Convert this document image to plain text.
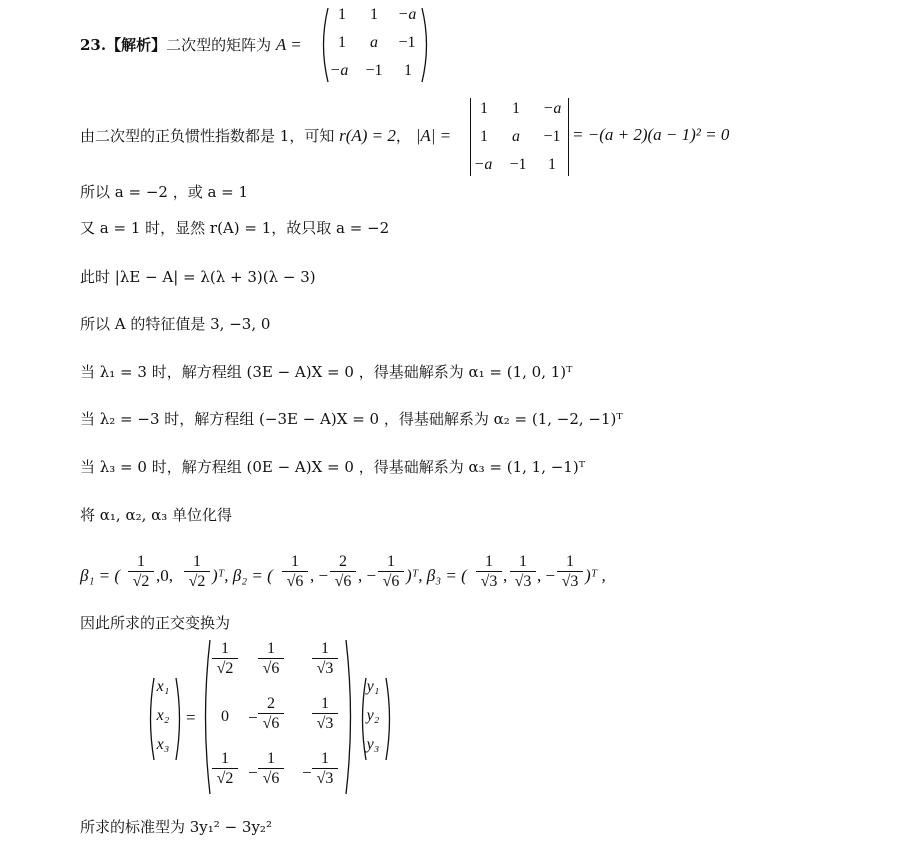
23.【解析】二次型的矩阵为 A =
1	1	−a
1	a	−1
−a −1	1
由二次型的正负惯性指数都是 1，可知 r(A) = 2， |A| =
1	1	−a
1	a	−1
−a −1	1
= −(a + 2)(a − 1)² = 0
所以 a = −2 ，或 a = 1
又 a = 1 时，显然 r(A) = 1，故只取 a = −2
此时 |λE − A| = λ(λ + 3)(λ − 3)
所以 A 的特征值是 3, −3, 0
当 λ₁ = 3 时，解方程组 (3E − A)X = 0 ，得基础解系为 α₁ = (1, 0, 1)ᵀ
当 λ₂ = −3 时，解方程组 (−3E − A)X = 0 ，得基础解系为 α₂ = (1, −2, −1)ᵀ
当 λ₃ = 0 时，解方程组 (0E − A)X = 0 ，得基础解系为 α₃ = (1, 1, −1)ᵀ
将 α₁, α₂, α₃ 单位化得
β₁ = ( $\frac{1}{√2} ,0$, $\frac{1}{√2}$ )ᵀ, β₂ = ( $\frac{1}{√6}$ , − $\frac{2}{√6}$ , − $\frac{1}{√6}$ )ᵀ, β₃ = ( $\frac{1}{√3}$ , $\frac{1}{√3}$ , − $\frac{1}{√3}$ )ᵀ ,
因此所求的正交变换为
x₁
x₂
x₃
=
$\frac{1}{√2} \frac{1}{√6} \frac{1}{√3}$
$0 - \frac{2}{√6} \frac{1}{√3}$
$\frac{1}{√2} - \frac{1}{√6} - \frac{1}{√3}$
y₁
y₂
y₃
所求的标准型为 3y₁² − 3y₂²
